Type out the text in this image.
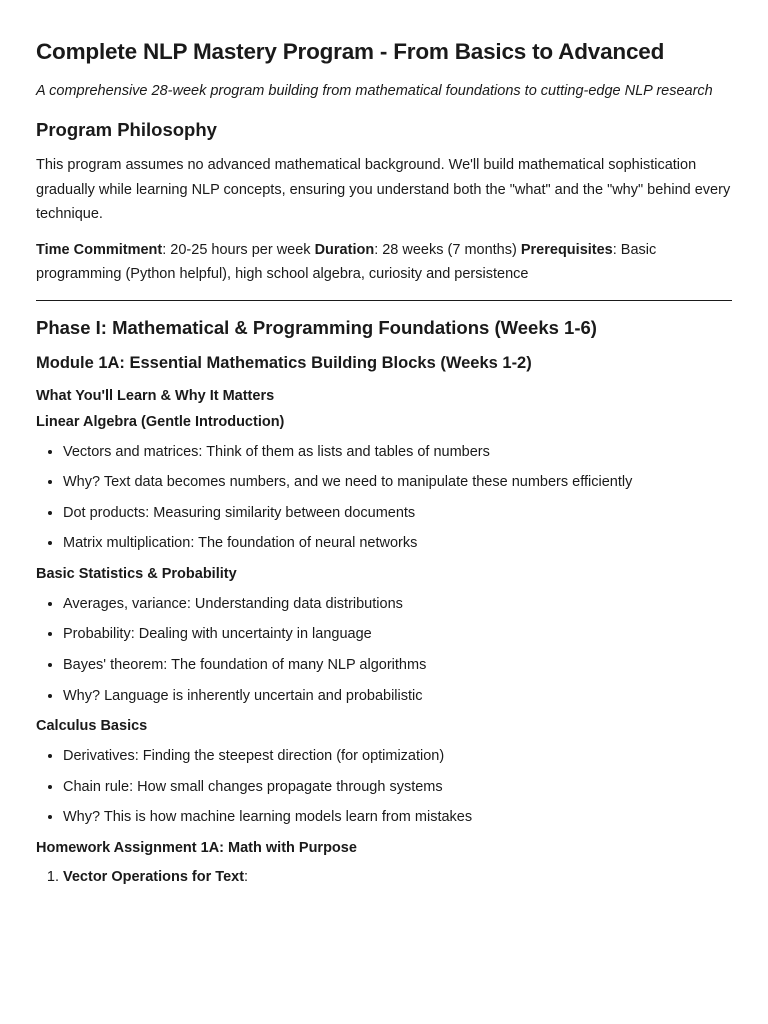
Complete NLP Mastery Program - From Basics to Advanced

A comprehensive 28-week program building from mathematical foundations to cutting-edge NLP research

Program Philosophy

This program assumes no advanced mathematical background. We'll build mathematical sophistication gradually while learning NLP concepts, ensuring you understand both the "what" and the "why" behind every technique.

Time Commitment: 20-25 hours per week Duration: 28 weeks (7 months) Prerequisites: Basic programming (Python helpful), high school algebra, curiosity and persistence

Phase I: Mathematical & Programming Foundations (Weeks 1-6)
Module 1A: Essential Mathematics Building Blocks (Weeks 1-2)
What You'll Learn & Why It Matters
Linear Algebra (Gentle Introduction)
• Vectors and matrices: Think of them as lists and tables of numbers
• Why? Text data becomes numbers, and we need to manipulate these numbers efficiently
• Dot products: Measuring similarity between documents
• Matrix multiplication: The foundation of neural networks
Basic Statistics & Probability
• Averages, variance: Understanding data distributions
• Probability: Dealing with uncertainty in language
• Bayes' theorem: The foundation of many NLP algorithms
• Why? Language is inherently uncertain and probabilistic
Calculus Basics
• Derivatives: Finding the steepest direction (for optimization)
• Chain rule: How small changes propagate through systems
• Why? This is how machine learning models learn from mistakes
Homework Assignment 1A: Math with Purpose
1. Vector Operations for Text:
